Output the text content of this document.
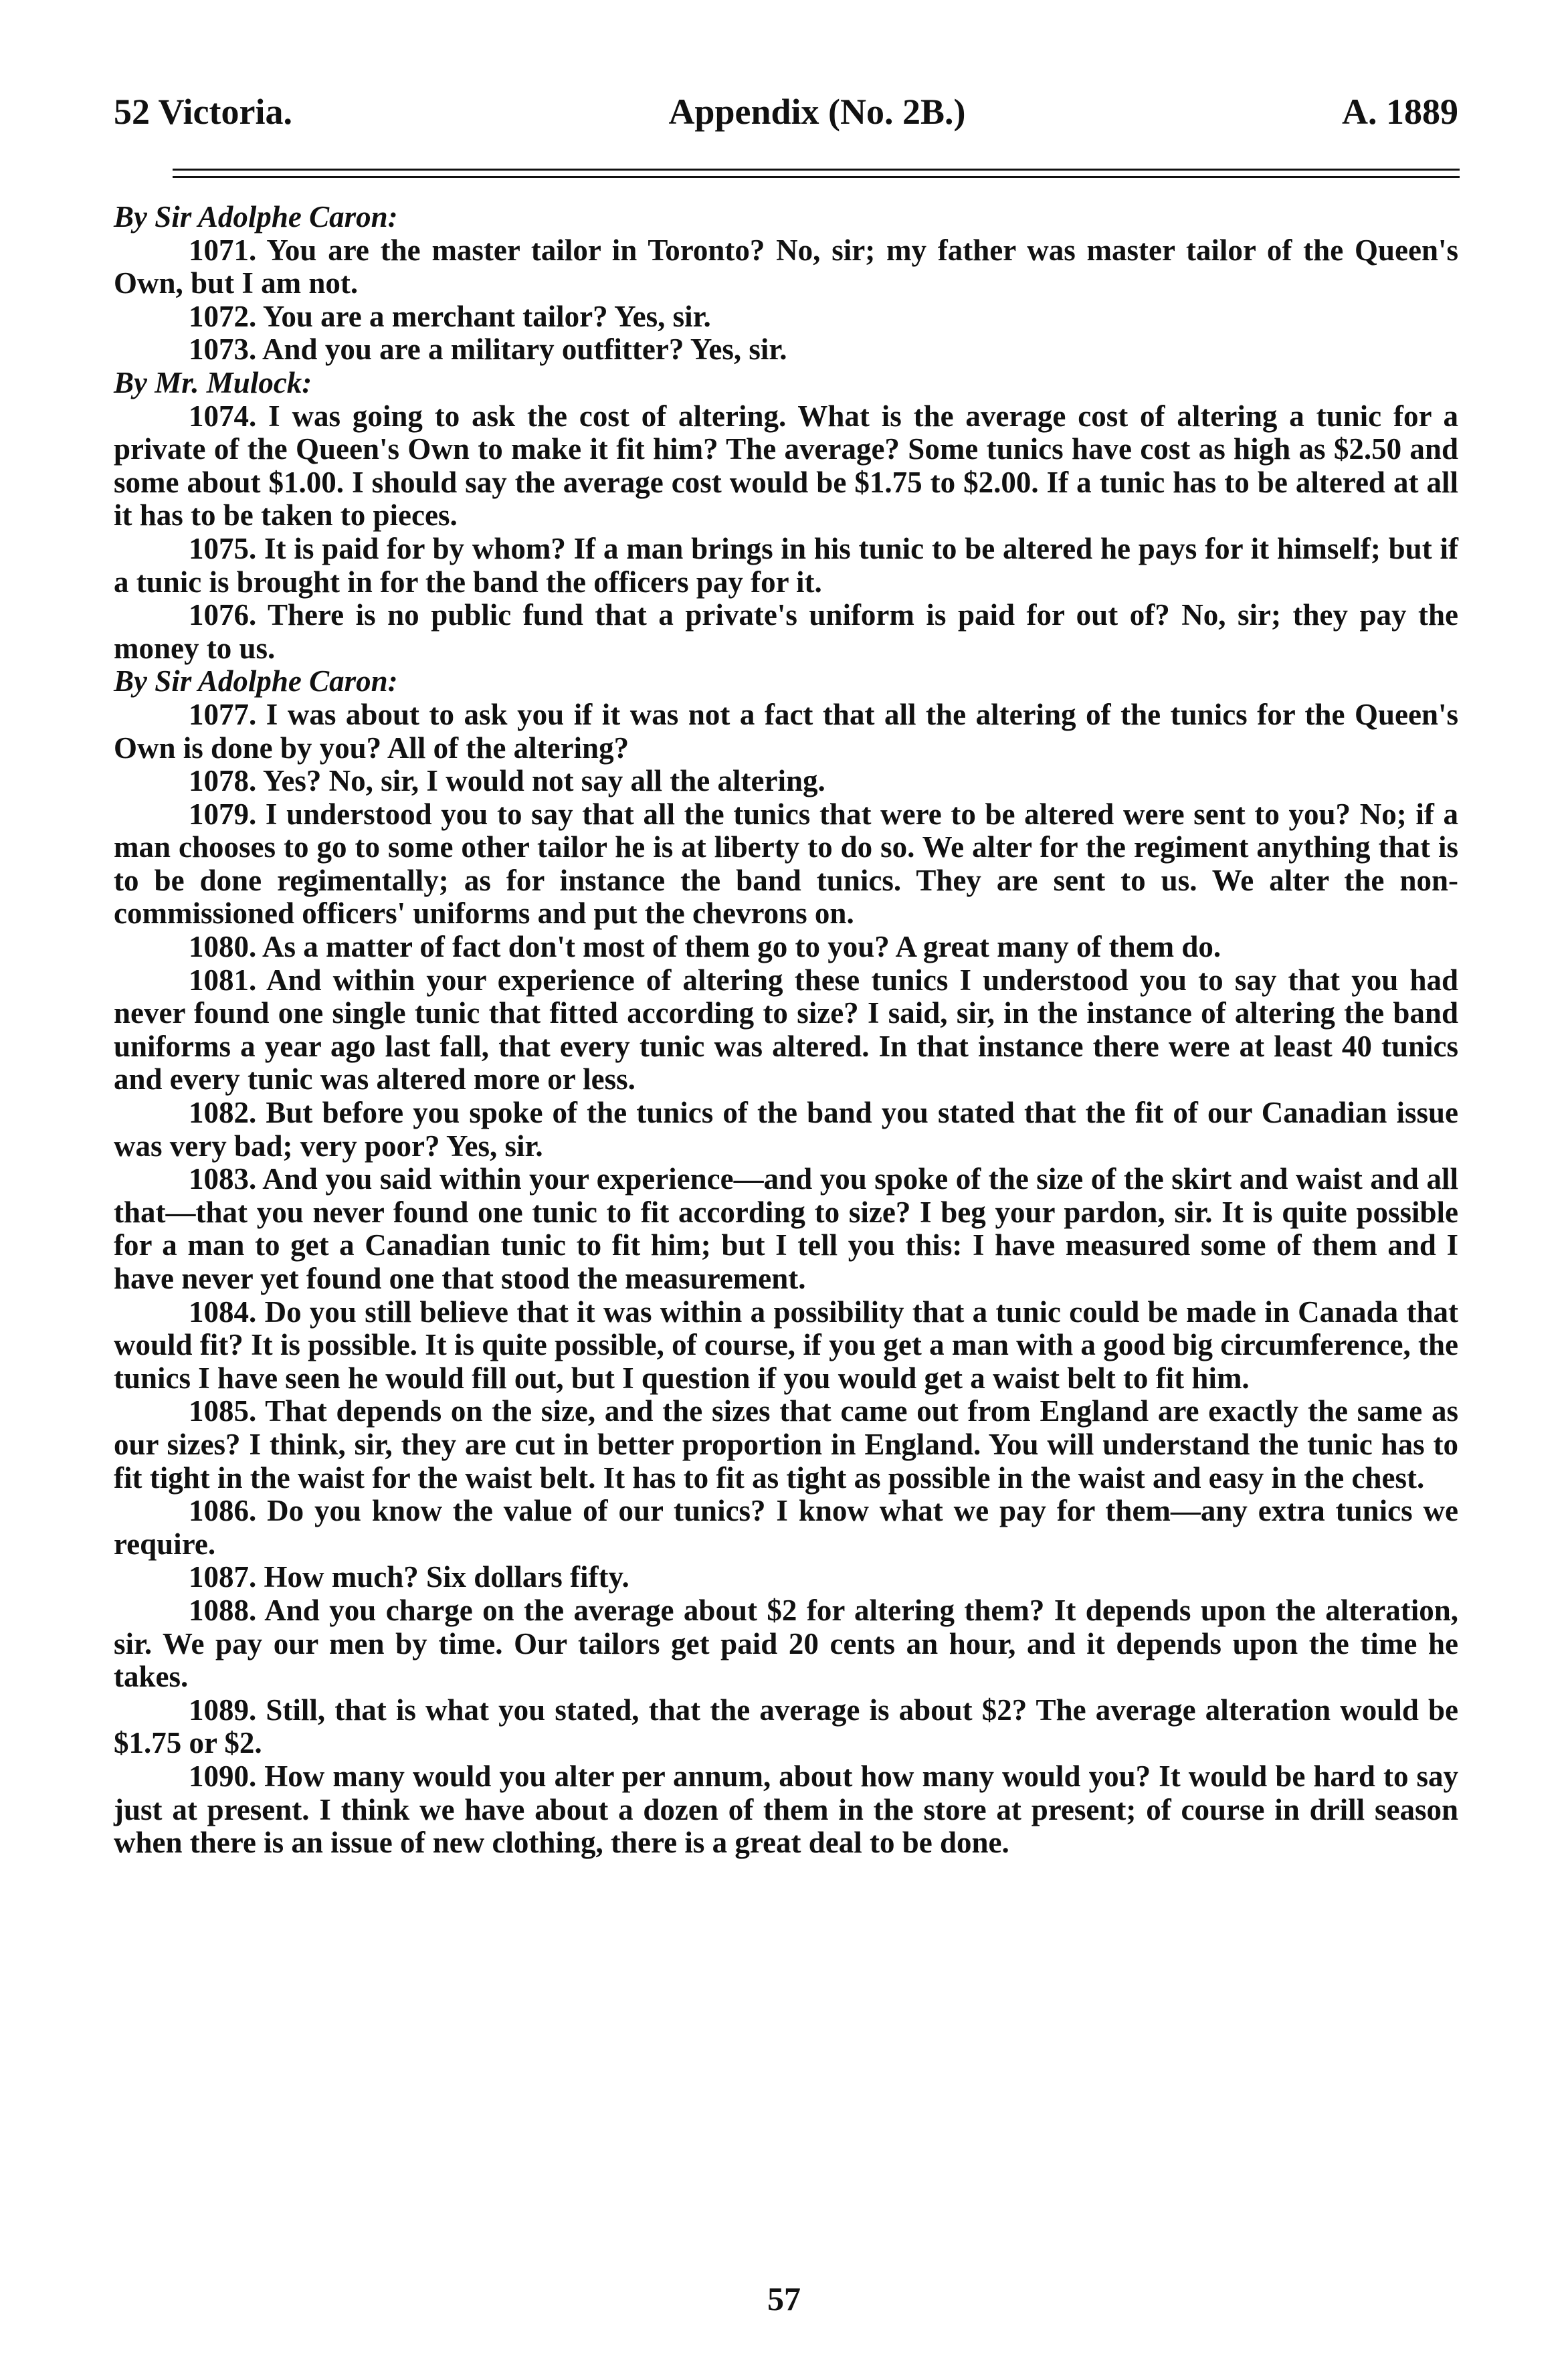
52 Victoria.	Appendix (No. 2B.)	A. 1889

By Sir Adolphe Caron:

1071. You are the master tailor in Toronto? No, sir; my father was master tailor of the Queen's Own, but I am not.

1072. You are a merchant tailor? Yes, sir.

1073. And you are a military outfitter? Yes, sir.

By Mr. Mulock:

1074. I was going to ask the cost of altering. What is the average cost of altering a tunic for a private of the Queen's Own to make it fit him? The average? Some tunics have cost as high as $2.50 and some about $1.00. I should say the average cost would be $1.75 to $2.00. If a tunic has to be altered at all it has to be taken to pieces.

1075. It is paid for by whom? If a man brings in his tunic to be altered he pays for it himself; but if a tunic is brought in for the band the officers pay for it.

1076. There is no public fund that a private's uniform is paid for out of? No, sir; they pay the money to us.

By Sir Adolphe Caron:

1077. I was about to ask you if it was not a fact that all the altering of the tunics for the Queen's Own is done by you? All of the altering?

1078. Yes? No, sir, I would not say all the altering.

1079. I understood you to say that all the tunics that were to be altered were sent to you? No; if a man chooses to go to some other tailor he is at liberty to do so. We alter for the regiment anything that is to be done regimentally; as for instance the band tunics. They are sent to us. We alter the non-commissioned officers' uniforms and put the chevrons on.

1080. As a matter of fact don't most of them go to you? A great many of them do.

1081. And within your experience of altering these tunics I understood you to say that you had never found one single tunic that fitted according to size? I said, sir, in the instance of altering the band uniforms a year ago last fall, that every tunic was altered. In that instance there were at least 40 tunics and every tunic was altered more or less.

1082. But before you spoke of the tunics of the band you stated that the fit of our Canadian issue was very bad; very poor? Yes, sir.

1083. And you said within your experience—and you spoke of the size of the skirt and waist and all that—that you never found one tunic to fit according to size? I beg your pardon, sir. It is quite possible for a man to get a Canadian tunic to fit him; but I tell you this: I have measured some of them and I have never yet found one that stood the measurement.

1084. Do you still believe that it was within a possibility that a tunic could be made in Canada that would fit? It is possible. It is quite possible, of course, if you get a man with a good big circumference, the tunics I have seen he would fill out, but I question if you would get a waist belt to fit him.

1085. That depends on the size, and the sizes that came out from England are exactly the same as our sizes? I think, sir, they are cut in better proportion in England. You will understand the tunic has to fit tight in the waist for the waist belt. It has to fit as tight as possible in the waist and easy in the chest.

1086. Do you know the value of our tunics? I know what we pay for them—any extra tunics we require.

1087. How much? Six dollars fifty.

1088. And you charge on the average about $2 for altering them? It depends upon the alteration, sir. We pay our men by time. Our tailors get paid 20 cents an hour, and it depends upon the time he takes.

1089. Still, that is what you stated, that the average is about $2? The average alteration would be $1.75 or $2.

1090. How many would you alter per annum, about how many would you? It would be hard to say just at present. I think we have about a dozen of them in the store at present; of course in drill season when there is an issue of new clothing, there is a great deal to be done.

57
